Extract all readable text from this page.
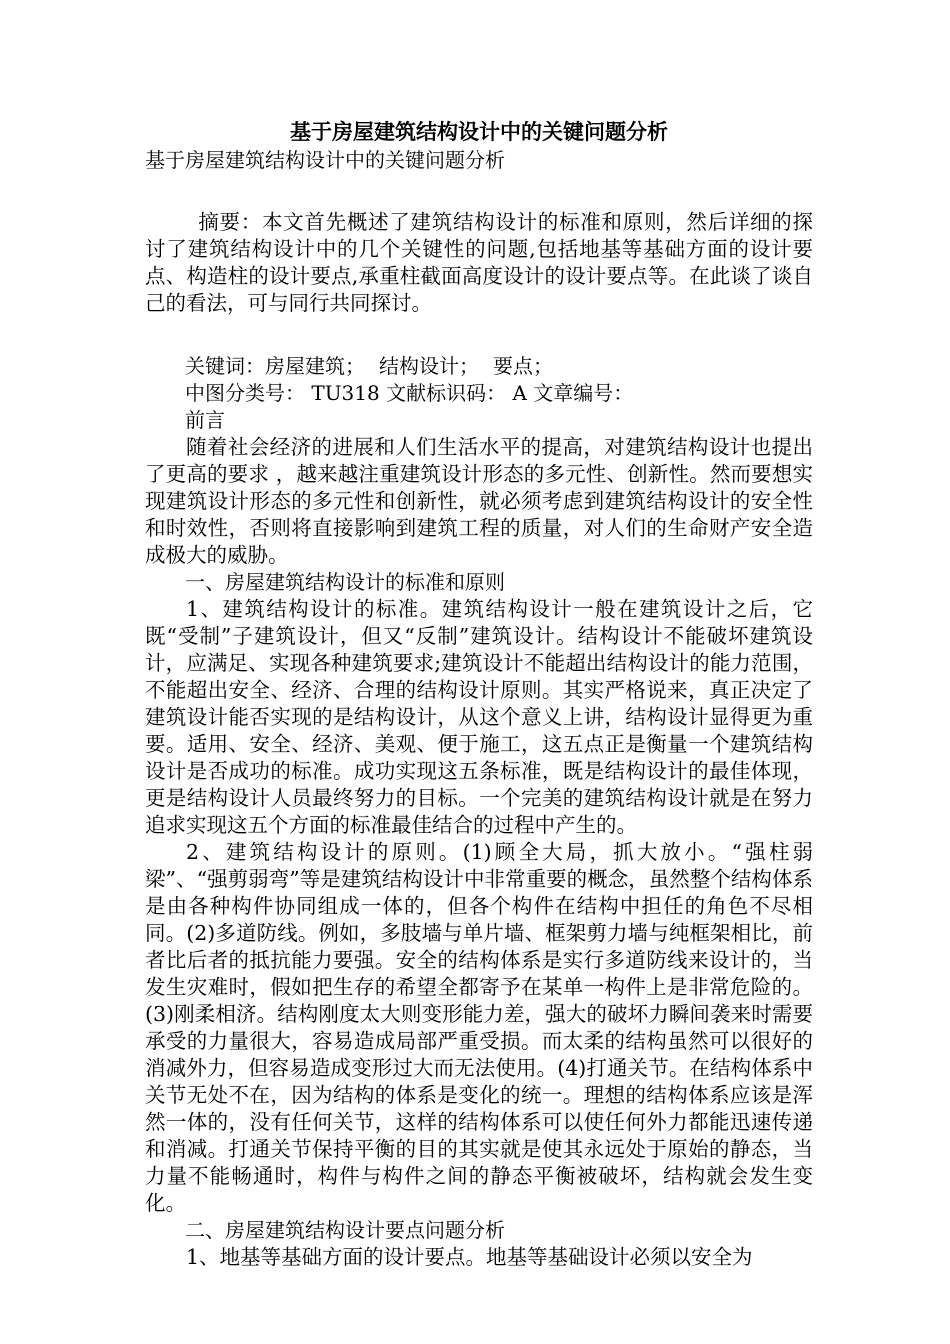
基于房屋建筑结构设计中的关键问题分析
基于房屋建筑结构设计中的关键问题分析

摘要：本文首先概述了建筑结构设计的标准和原则，然后详细的探讨了建筑结构设计中的几个关键性的问题,包括地基等基础方面的设计要点、构造柱的设计要点,承重柱截面高度设计的设计要点等。在此谈了谈自己的看法，可与同行共同探讨。

关键词：房屋建筑； 结构设计； 要点；
中图分类号： TU318 文献标识码： A 文章编号：
前言

随着社会经济的进展和人们生活水平的提高，对建筑结构设计也提出了更高的要求 ，越来越注重建筑设计形态的多元性、创新性。然而要想实现建筑设计形态的多元性和创新性，就必须考虑到建筑结构设计的安全性和时效性，否则将直接影响到建筑工程的质量，对人们的生命财产安全造成极大的威胁。

一、房屋建筑结构设计的标准和原则

1、建筑结构设计的标准。建筑结构设计一般在建筑设计之后，它既“受制”子建筑设计，但又“反制”建筑设计。结构设计不能破坏建筑设计，应满足、实现各种建筑要求;建筑设计不能超出结构设计的能力范围，不能超出安全、经济、合理的结构设计原则。其实严格说来，真正决定了建筑设计能否实现的是结构设计，从这个意义上讲，结构设计显得更为重要。适用、安全、经济、美观、便于施工，这五点正是衡量一个建筑结构设计是否成功的标准。成功实现这五条标准，既是结构设计的最佳体现，更是结构设计人员最终努力的目标。一个完美的建筑结构设计就是在努力追求实现这五个方面的标准最佳结合的过程中产生的。

2、建筑结构设计的原则。(1)顾全大局，抓大放小。“强柱弱梁”、“强剪弱弯”等是建筑结构设计中非常重要的概念，虽然整个结构体系是由各种构件协同组成一体的，但各个构件在结构中担任的角色不尽相同。(2)多道防线。例如，多肢墙与单片墙、框架剪力墙与纯框架相比，前者比后者的抵抗能力要强。安全的结构体系是实行多道防线来设计的，当发生灾难时，假如把生存的希望全都寄予在某单一构件上是非常危险的。(3)刚柔相济。结构刚度太大则变形能力差，强大的破坏力瞬间袭来时需要承受的力量很大，容易造成局部严重受损。而太柔的结构虽然可以很好的消减外力，但容易造成变形过大而无法使用。(4)打通关节。在结构体系中关节无处不在，因为结构的体系是变化的统一。理想的结构体系应该是浑然一体的，没有任何关节，这样的结构体系可以使任何外力都能迅速传递和消减。打通关节保持平衡的目的其实就是使其永远处于原始的静态，当力量不能畅通时，构件与构件之间的静态平衡被破坏，结构就会发生变化。

二、房屋建筑结构设计要点问题分析

1、地基等基础方面的设计要点。地基等基础设计必须以安全为
